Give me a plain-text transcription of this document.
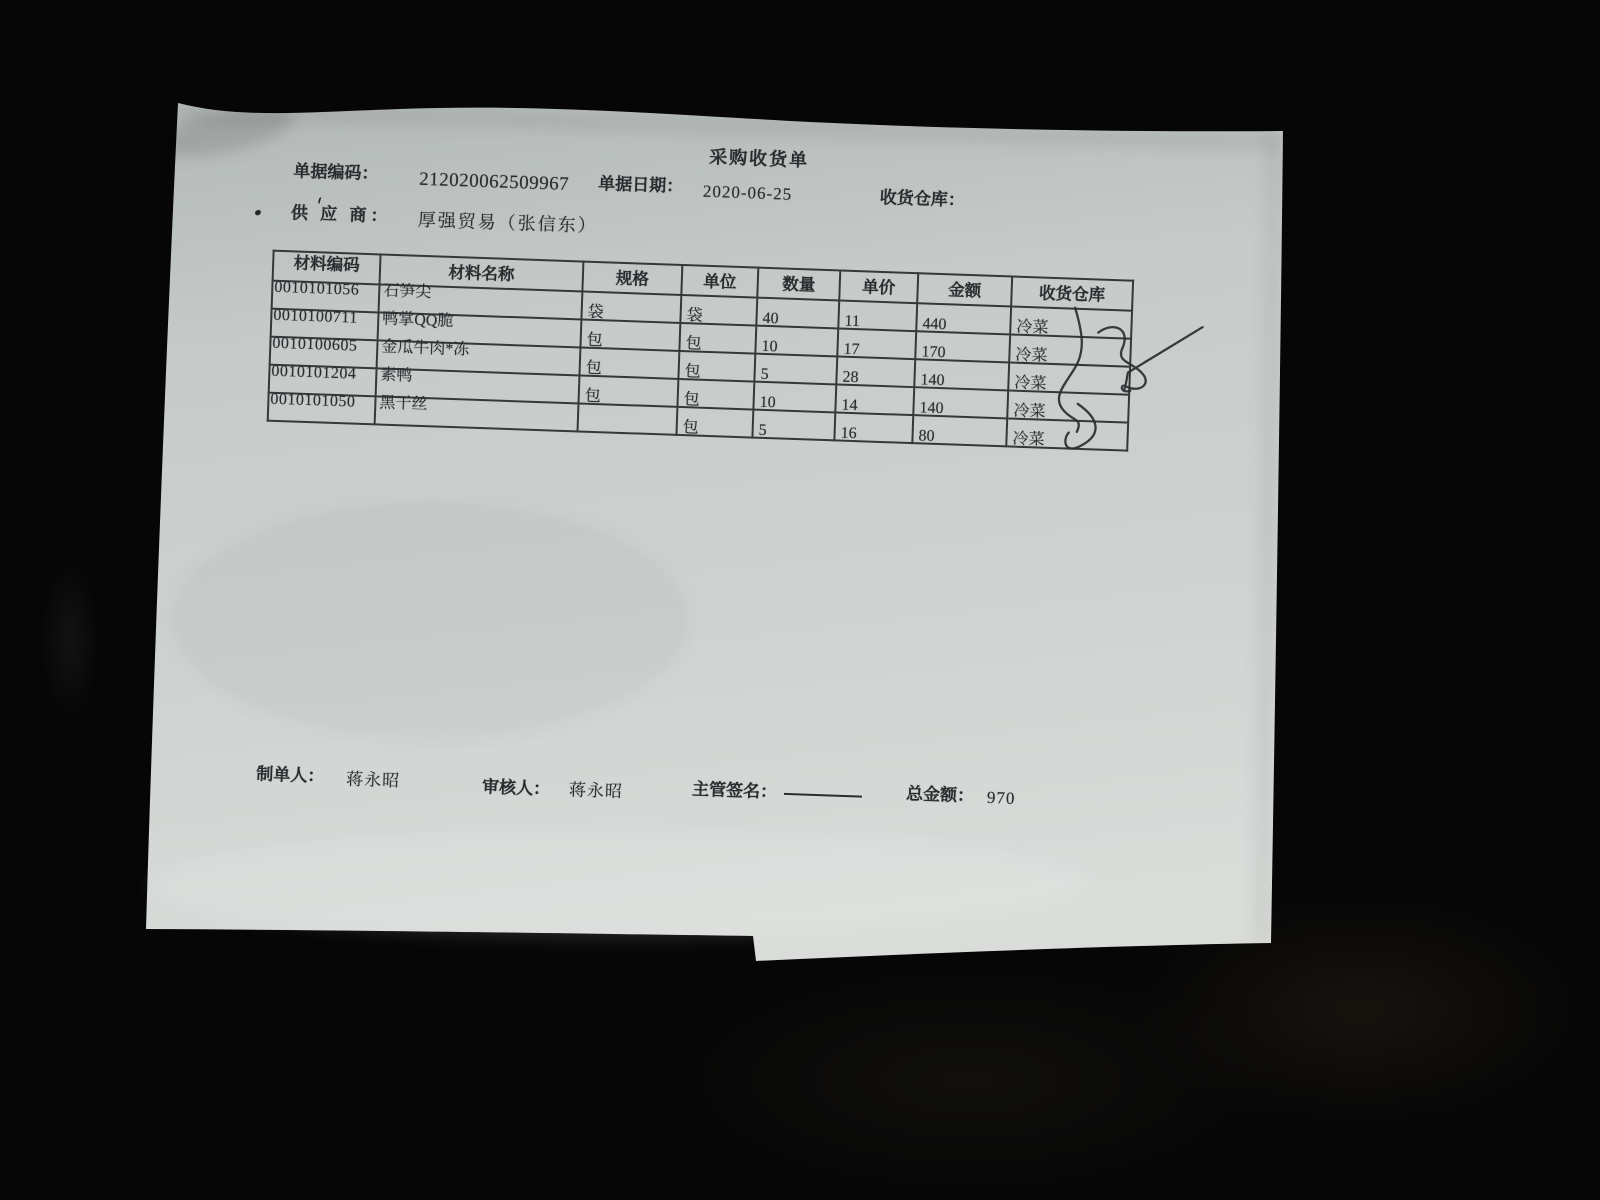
采购收货单
单据编码： 212020062509967 单据日期： 2020-06-25	收货仓库：
供 应 商： 厚强贸易（张信东）
材料编码	材料名称	规格	单位	数量	单价	金额	收货仓库
0010101056	石笋尖	袋	袋	40	11	440	冷菜
0010100711	鸭掌QQ脆	包	包	10	17	170	冷菜
0010100605	金瓜牛肉*冻	包	包	5	28	140	冷菜
0010101204	素鸭	包	包	10	14	140	冷菜
0010101050	黑干丝		包	5	16	80	冷菜
制单人： 蒋永昭	审核人： 蒋永昭	主管签名：	总金额： 970
